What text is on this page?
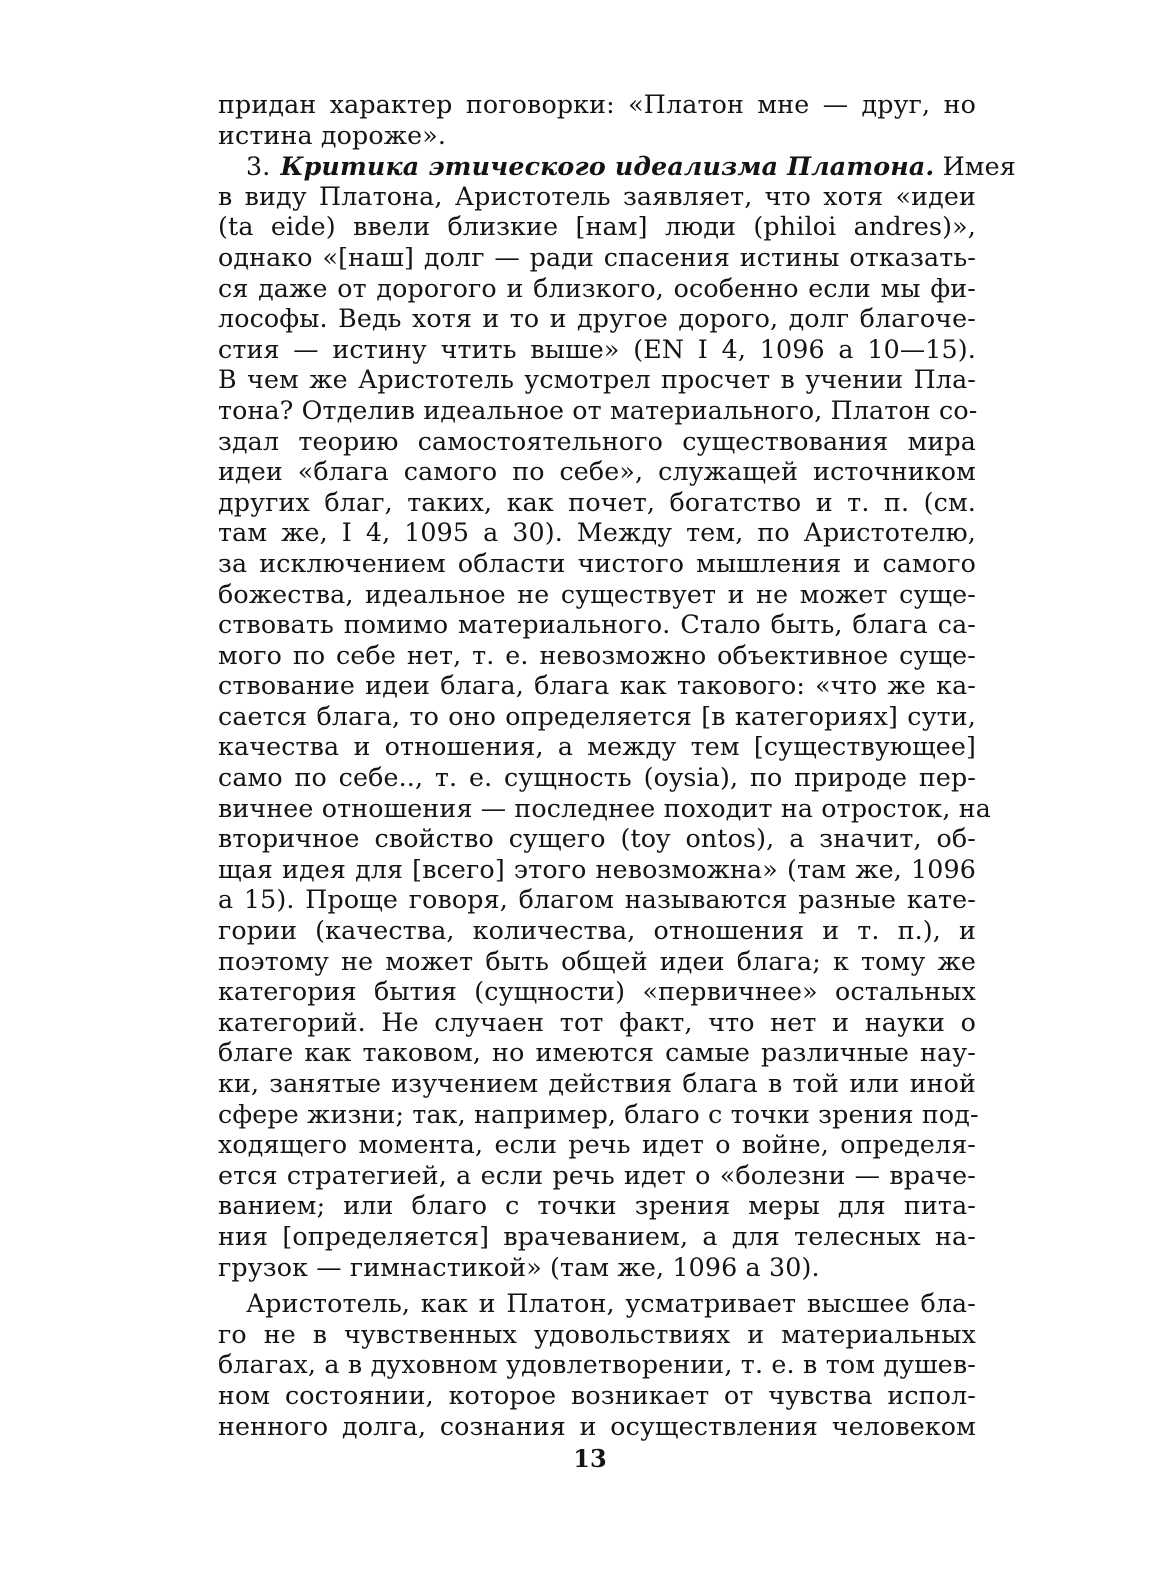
придан характер поговорки: «Платон мне — друг, но
истина дороже».
3. Критика этического идеализма Платона. Имея
в виду Платона, Аристотель заявляет, что хотя «идеи
(ta eide) ввели близкие [нам] люди (philoi andres)»,
однако «[наш] долг — ради спасения истины отказать-
ся даже от дорогого и близкого, особенно если мы фи-
лософы. Ведь хотя и то и другое дорого, долг благоче-
стия — истину чтить выше» (EN I 4, 1096 а 10—15).
В чем же Аристотель усмотрел просчет в учении Пла-
тона? Отделив идеальное от материального, Платон со-
здал теорию самостоятельного существования мира
идеи «блага самого по себе», служащей источником
других благ, таких, как почет, богатство и т. п. (см.
там же, I 4, 1095 а 30). Между тем, по Аристотелю,
за исключением области чистого мышления и самого
божества, идеальное не существует и не может суще-
ствовать помимо материального. Стало быть, блага са-
мого по себе нет, т. е. невозможно объективное суще-
ствование идеи блага, блага как такового: «что же ка-
сается блага, то оно определяется [в категориях] сути,
качества и отношения, а между тем [существующее]
само по себе.., т. е. сущность (oysia), по природе пер-
вичнее отношения — последнее походит на отросток, на
вторичное свойство сущего (toy ontos), а значит, об-
щая идея для [всего] этого невозможна» (там же, 1096
а 15). Проще говоря, благом называются разные кате-
гории (качества, количества, отношения и т. п.), и
поэтому не может быть общей идеи блага; к тому же
категория бытия (сущности) «первичнее» остальных
категорий. Не случаен тот факт, что нет и науки о
благе как таковом, но имеются самые различные нау-
ки, занятые изучением действия блага в той или иной
сфере жизни; так, например, благо с точки зрения под-
ходящего момента, если речь идет о войне, определя-
ется стратегией, а если речь идет о «болезни — враче-
ванием; или благо с точки зрения меры для пита-
ния [определяется] врачеванием, а для телесных на-
грузок — гимнастикой» (там же, 1096 а 30).
Аристотель, как и Платон, усматривает высшее бла-
го не в чувственных удовольствиях и материальных
благах, а в духовном удовлетворении, т. е. в том душев-
ном состоянии, которое возникает от чувства испол-
ненного долга, сознания и осуществления человеком
13
